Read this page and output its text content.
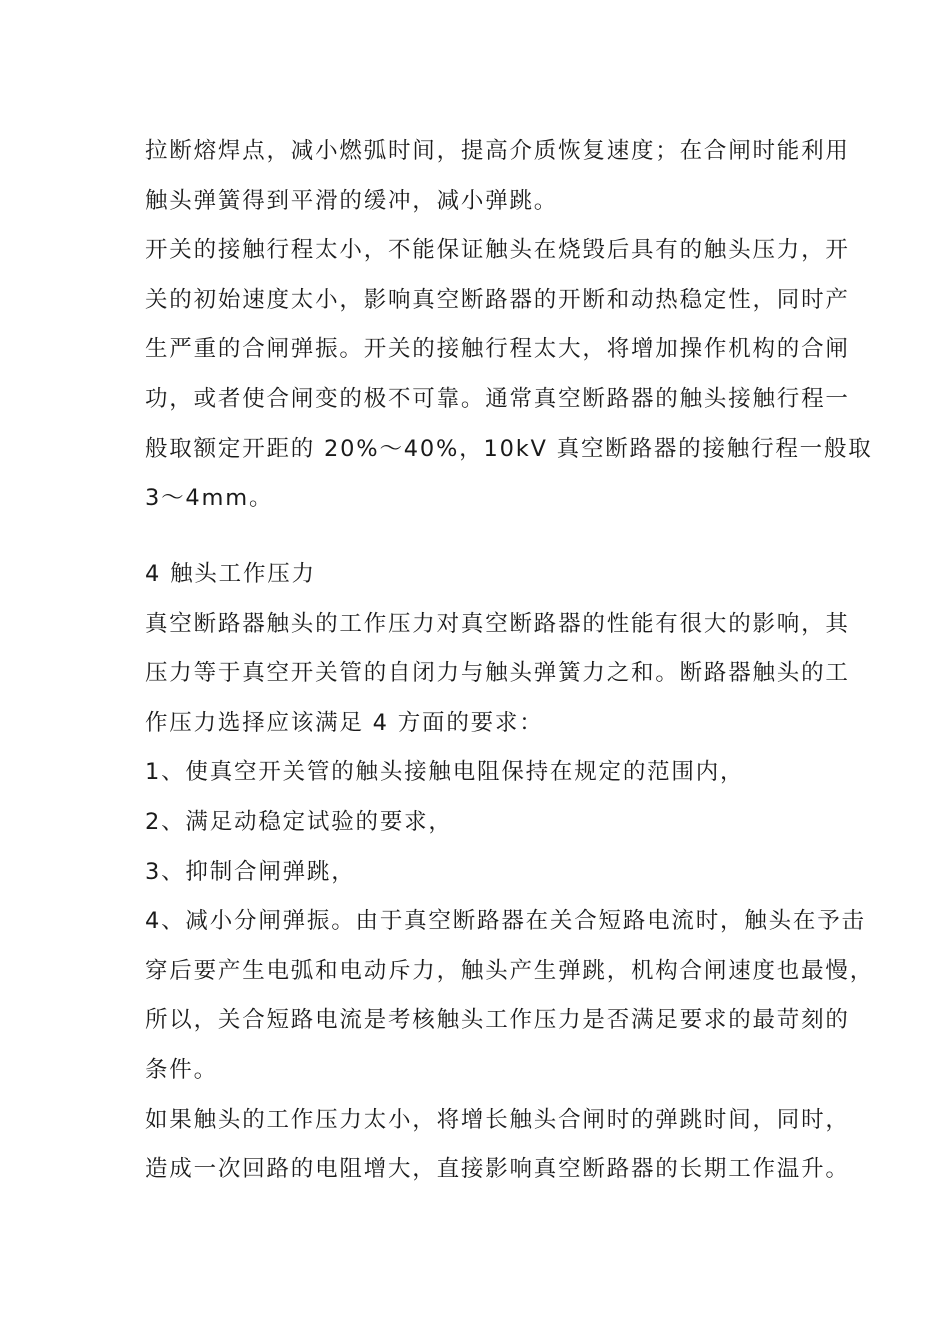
拉断熔焊点，减小燃弧时间，提高介质恢复速度；在合闸时能利用
触头弹簧得到平滑的缓冲，减小弹跳。
开关的接触行程太小，不能保证触头在烧毁后具有的触头压力，开
关的初始速度太小，影响真空断路器的开断和动热稳定性，同时产
生严重的合闸弹振。开关的接触行程太大，将增加操作机构的合闸
功，或者使合闸变的极不可靠。通常真空断路器的触头接触行程一
般取额定开距的 20%～40%，10kV 真空断路器的接触行程一般取
3～4mm。
4 触头工作压力
真空断路器触头的工作压力对真空断路器的性能有很大的影响，其
压力等于真空开关管的自闭力与触头弹簧力之和。断路器触头的工
作压力选择应该满足 4 方面的要求：
1、使真空开关管的触头接触电阻保持在规定的范围内，
2、满足动稳定试验的要求，
3、抑制合闸弹跳，
4、减小分闸弹振。由于真空断路器在关合短路电流时，触头在予击
穿后要产生电弧和电动斥力，触头产生弹跳，机构合闸速度也最慢，
所以，关合短路电流是考核触头工作压力是否满足要求的最苛刻的
条件。
如果触头的工作压力太小，将增长触头合闸时的弹跳时间，同时，
造成一次回路的电阻增大，直接影响真空断路器的长期工作温升。
